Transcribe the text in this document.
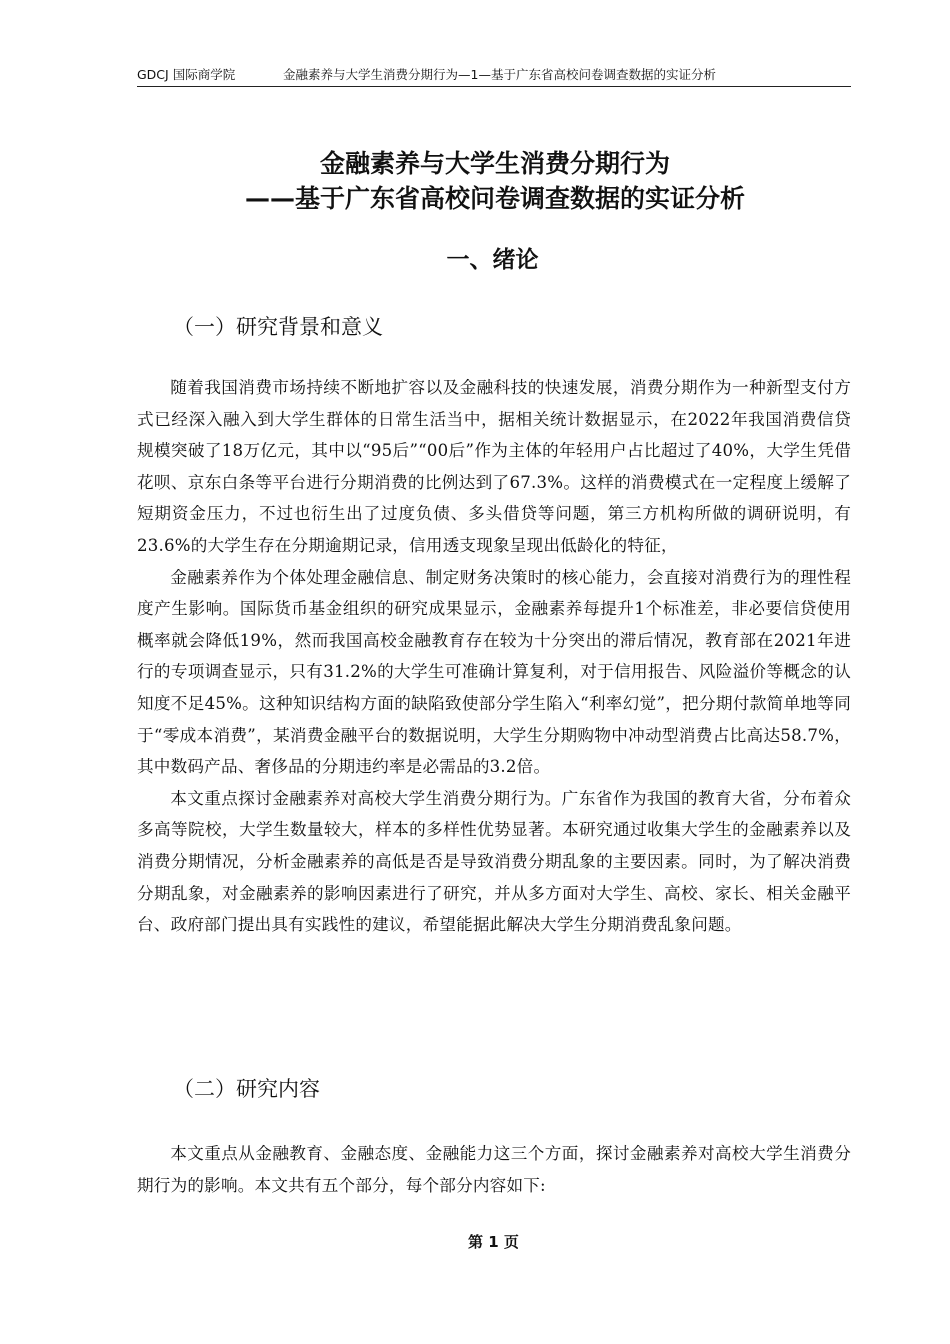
GDCJ 国际商学院	金融素养与大学生消费分期行为—1—基于广东省高校问卷调查数据的实证分析
金融素养与大学生消费分期行为
——基于广东省高校问卷调查数据的实证分析
一、绪论
（一）研究背景和意义

随着我国消费市场持续不断地扩容以及金融科技的快速发展，消费分期作为一种新型支付方式已经深入融入到大学生群体的日常生活当中，据相关统计数据显示，在2022年我国消费信贷规模突破了18万亿元，其中以“95后”“00后”作为主体的年轻用户占比超过了40%，大学生凭借花呗、京东白条等平台进行分期消费的比例达到了67.3%。这样的消费模式在一定程度上缓解了短期资金压力，不过也衍生出了过度负债、多头借贷等问题，第三方机构所做的调研说明，有23.6%的大学生存在分期逾期记录，信用透支现象呈现出低龄化的特征，

金融素养作为个体处理金融信息、制定财务决策时的核心能力，会直接对消费行为的理性程度产生影响。国际货币基金组织的研究成果显示，金融素养每提升1个标准差，非必要信贷使用概率就会降低19%，然而我国高校金融教育存在较为十分突出的滞后情况，教育部在2021年进行的专项调查显示，只有31.2%的大学生可准确计算复利，对于信用报告、风险溢价等概念的认知度不足45%。这种知识结构方面的缺陷致使部分学生陷入“利率幻觉”，把分期付款简单地等同于“零成本消费”，某消费金融平台的数据说明，大学生分期购物中冲动型消费占比高达58.7%，其中数码产品、奢侈品的分期违约率是必需品的3.2倍。

本文重点探讨金融素养对高校大学生消费分期行为。广东省作为我国的教育大省，分布着众多高等院校，大学生数量较大，样本的多样性优势显著。本研究通过收集大学生的金融素养以及消费分期情况，分析金融素养的高低是否是导致消费分期乱象的主要因素。同时，为了解决消费分期乱象，对金融素养的影响因素进行了研究，并从多方面对大学生、高校、家长、相关金融平台、政府部门提出具有实践性的建议，希望能据此解决大学生分期消费乱象问题。

（二）研究内容

本文重点从金融教育、金融态度、金融能力这三个方面，探讨金融素养对高校大学生消费分期行为的影响。本文共有五个部分，每个部分内容如下:

第 1 页
